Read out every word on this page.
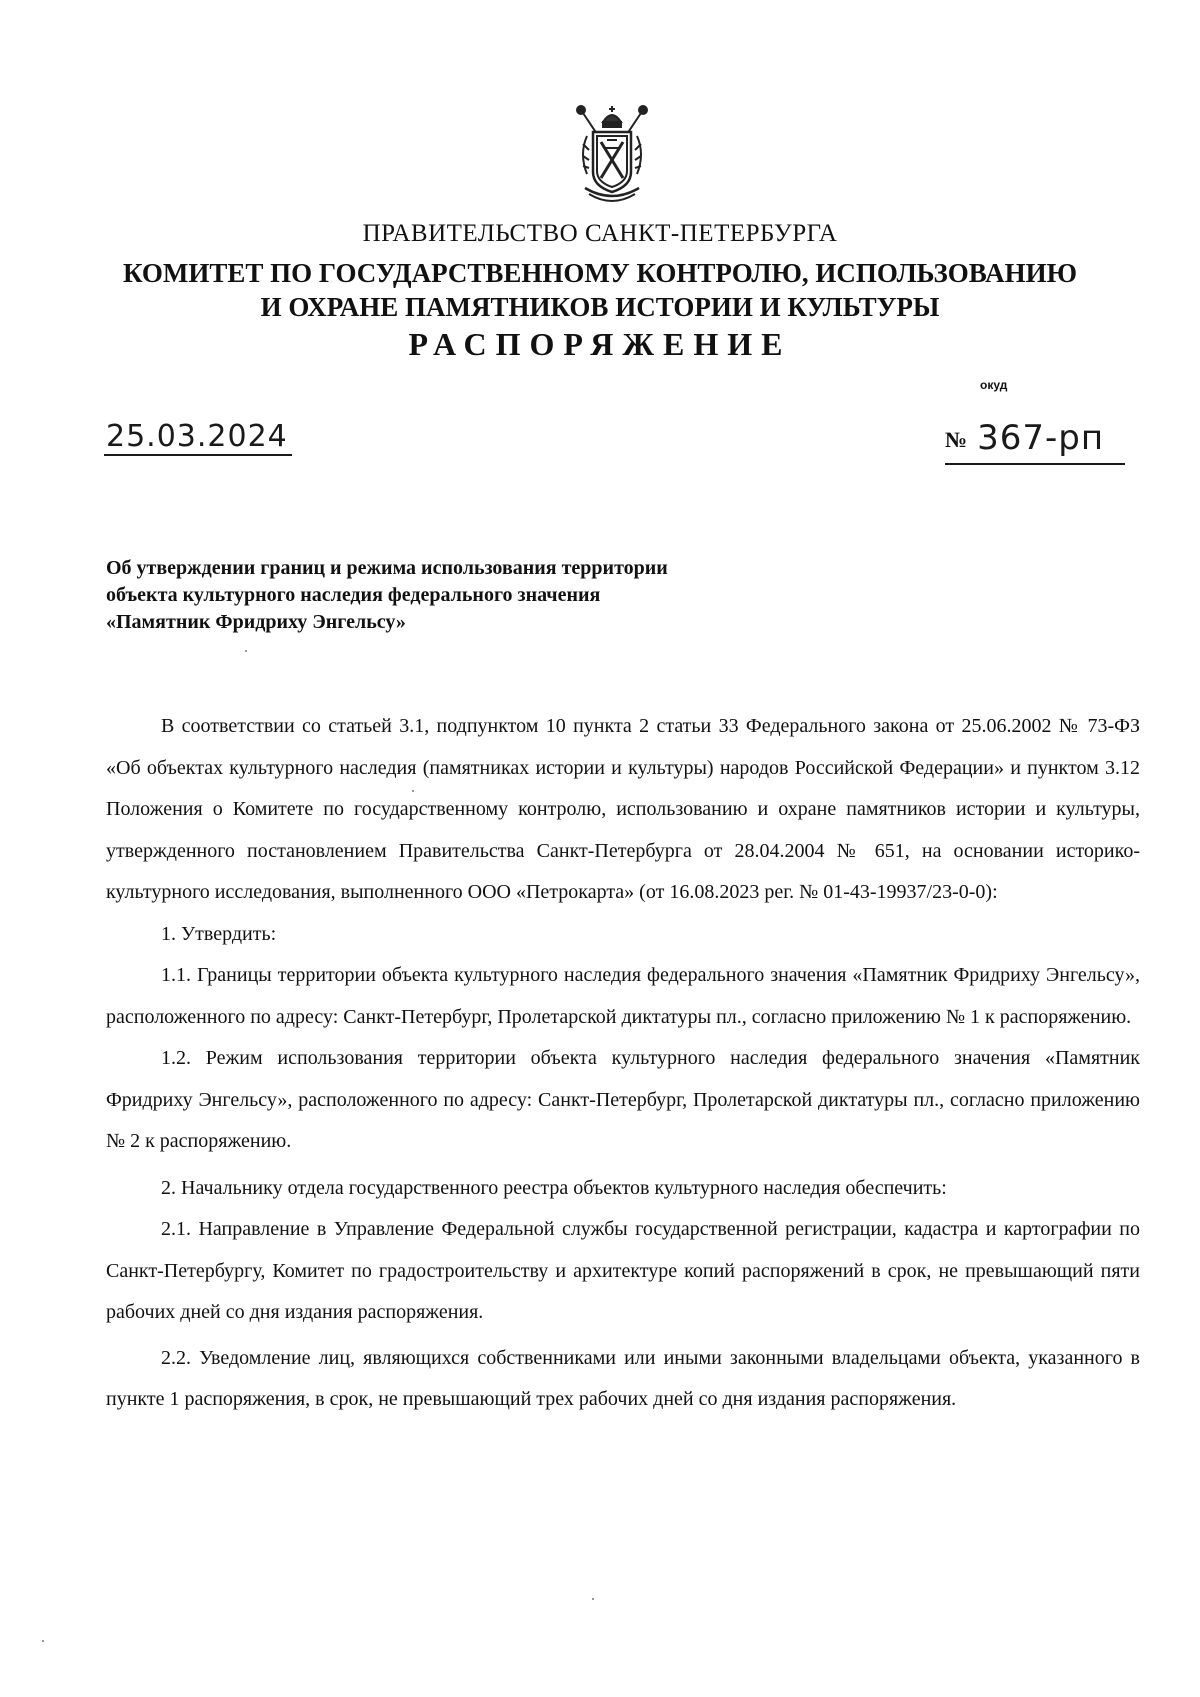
ПРАВИТЕЛЬСТВО САНКТ-ПЕТЕРБУРГА
КОМИТЕТ ПО ГОСУДАРСТВЕННОМУ КОНТРОЛЮ, ИСПОЛЬЗОВАНИЮ
И ОХРАНЕ ПАМЯТНИКОВ ИСТОРИИ И КУЛЬТУРЫ
РАСПОРЯЖЕНИЕ
окуд
25.03.2024	№ 367-рп
Об утверждении границ и режима использования территории
объекта культурного наследия федерального значения
«Памятник Фридриху Энгельсу»

В соответствии со статьей 3.1, подпунктом 10 пункта 2 статьи 33 Федерального закона от 25.06.2002 № 73-ФЗ «Об объектах культурного наследия (памятниках истории и культуры) народов Российской Федерации» и пунктом 3.12 Положения о Комитете по государственному контролю, использованию и охране памятников истории и культуры, утвержденного постановлением Правительства Санкт-Петербурга от 28.04.2004 № 651, на основании историко-культурного исследования, выполненного ООО «Петрокарта» (от 16.08.2023 рег. № 01-43-19937/23-0-0):

1. Утвердить:

1.1. Границы территории объекта культурного наследия федерального значения «Памятник Фридриху Энгельсу», расположенного по адресу: Санкт-Петербург, Пролетарской диктатуры пл., согласно приложению № 1 к распоряжению.

1.2. Режим использования территории объекта культурного наследия федерального значения «Памятник Фридриху Энгельсу», расположенного по адресу: Санкт-Петербург, Пролетарской диктатуры пл., согласно приложению № 2 к распоряжению.

2. Начальнику отдела государственного реестра объектов культурного наследия обеспечить:

2.1. Направление в Управление Федеральной службы государственной регистрации, кадастра и картографии по Санкт-Петербургу, Комитет по градостроительству и архитектуре копий распоряжений в срок, не превышающий пяти рабочих дней со дня издания распоряжения.

2.2. Уведомление лиц, являющихся собственниками или иными законными владельцами объекта, указанного в пункте 1 распоряжения, в срок, не превышающий трех рабочих дней со дня издания распоряжения.
